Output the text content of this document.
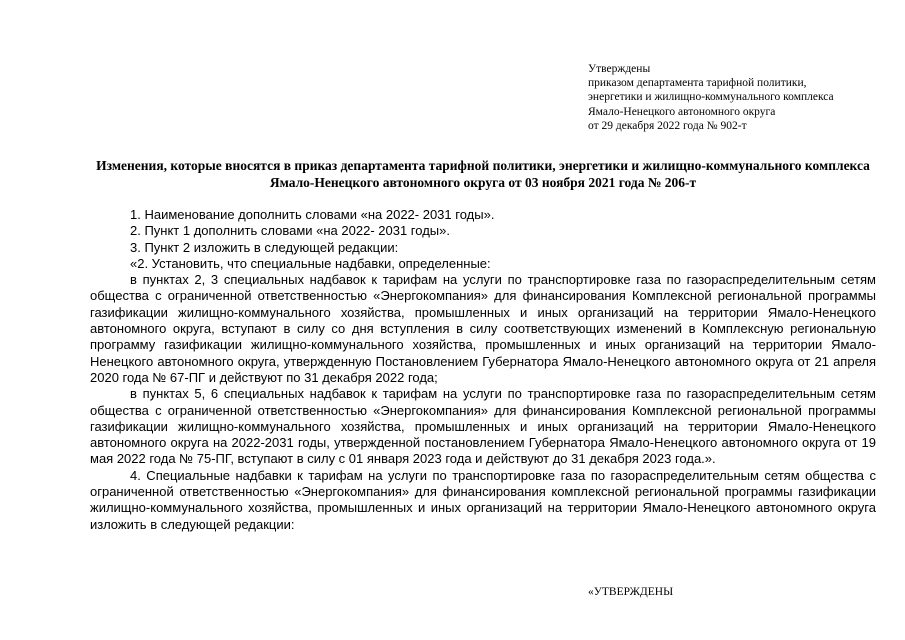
Утверждены
приказом департамента тарифной политики,
энергетики и жилищно-коммунального комплекса
Ямало-Ненецкого автономного округа
от 29 декабря 2022 года № 902-т
Изменения, которые вносятся в приказ департамента тарифной политики, энергетики и жилищно-коммунального комплекса Ямало-Ненецкого автономного округа от 03 ноября 2021 года № 206-т

1. Наименование дополнить словами «на 2022- 2031 годы».

2. Пункт 1 дополнить словами «на 2022- 2031 годы».

3. Пункт 2 изложить в следующей редакции:

«2. Установить, что специальные надбавки, определенные:

в пунктах 2, 3 специальных надбавок к тарифам на услуги по транспортировке газа по газораспределительным сетям общества с ограниченной ответственностью «Энергокомпания» для финансирования Комплексной региональной программы газификации жилищно-коммунального хозяйства, промышленных и иных организаций на территории Ямало-Ненецкого автономного округа, вступают в силу со дня вступления в силу соответствующих изменений в Комплексную региональную программу газификации жилищно-коммунального хозяйства, промышленных и иных организаций на территории Ямало-Ненецкого автономного округа, утвержденную Постановлением Губернатора Ямало-Ненецкого автономного округа от 21 апреля 2020 года № 67-ПГ и действуют по 31 декабря 2022 года;

в пунктах 5, 6 специальных надбавок к тарифам на услуги по транспортировке газа по газораспределительным сетям общества с ограниченной ответственностью «Энергокомпания» для финансирования Комплексной региональной программы газификации жилищно-коммунального хозяйства, промышленных и иных организаций на территории Ямало-Ненецкого автономного округа на 2022-2031 годы, утвержденной постановлением Губернатора Ямало-Ненецкого автономного округа от 19 мая 2022 года № 75-ПГ, вступают в силу с 01 января 2023 года и действуют до 31 декабря 2023 года.».

4. Специальные надбавки к тарифам на услуги по транспортировке газа по газораспределительным сетям общества с ограниченной ответственностью «Энергокомпания» для финансирования комплексной региональной программы газификации жилищно-коммунального хозяйства, промышленных и иных организаций на территории Ямало-Ненецкого автономного округа изложить в следующей редакции:

«УТВЕРЖДЕНЫ
